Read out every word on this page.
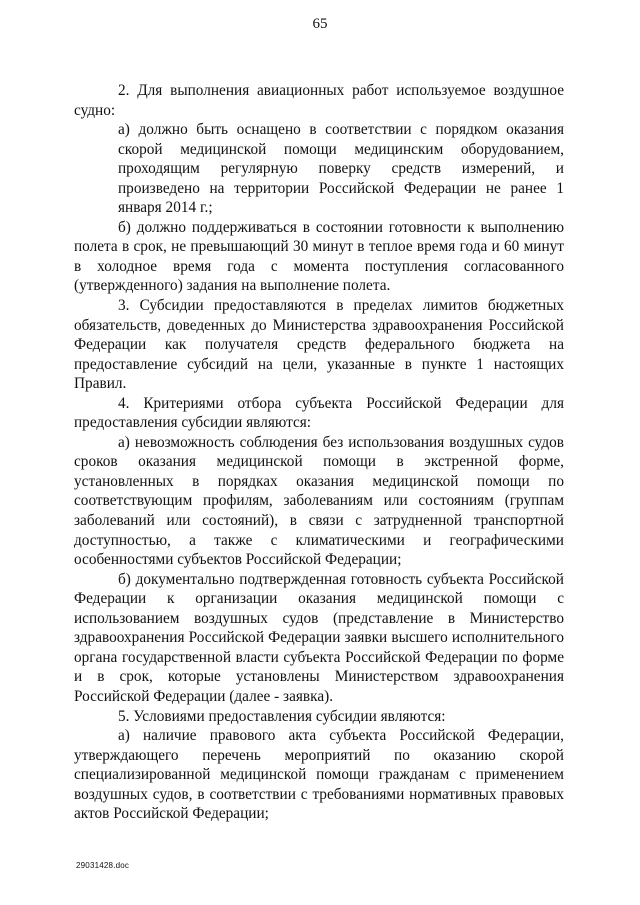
65

2. Для выполнения авиационных работ используемое воздушное судно:

а) должно быть оснащено в соответствии с порядком оказания скорой медицинской помощи медицинским оборудованием, проходящим регулярную поверку средств измерений, и произведено на территории Российской Федерации не ранее 1 января 2014 г.;

б) должно поддерживаться в состоянии готовности к выполнению полета в срок, не превышающий 30 минут в теплое время года и 60 минут в холодное время года с момента поступления согласованного (утвержденного) задания на выполнение полета.

3. Субсидии предоставляются в пределах лимитов бюджетных обязательств, доведенных до Министерства здравоохранения Российской Федерации как получателя средств федерального бюджета на предоставление субсидий на цели, указанные в пункте 1 настоящих Правил.

4. Критериями отбора субъекта Российской Федерации для предоставления субсидии являются:

а) невозможность соблюдения без использования воздушных судов сроков оказания медицинской помощи в экстренной форме, установленных в порядках оказания медицинской помощи по соответствующим профилям, заболеваниям или состояниям (группам заболеваний или состояний), в связи с затрудненной транспортной доступностью, а также с климатическими и географическими особенностями субъектов Российской Федерации;

б) документально подтвержденная готовность субъекта Российской Федерации к организации оказания медицинской помощи с использованием воздушных судов (представление в Министерство здравоохранения Российской Федерации заявки высшего исполнительного органа государственной власти субъекта Российской Федерации по форме и в срок, которые установлены Министерством здравоохранения Российской Федерации (далее - заявка).

5. Условиями предоставления субсидии являются:

а) наличие правового акта субъекта Российской Федерации, утверждающего перечень мероприятий по оказанию скорой специализированной медицинской помощи гражданам с применением воздушных судов, в соответствии с требованиями нормативных правовых актов Российской Федерации;

29031428.doc
